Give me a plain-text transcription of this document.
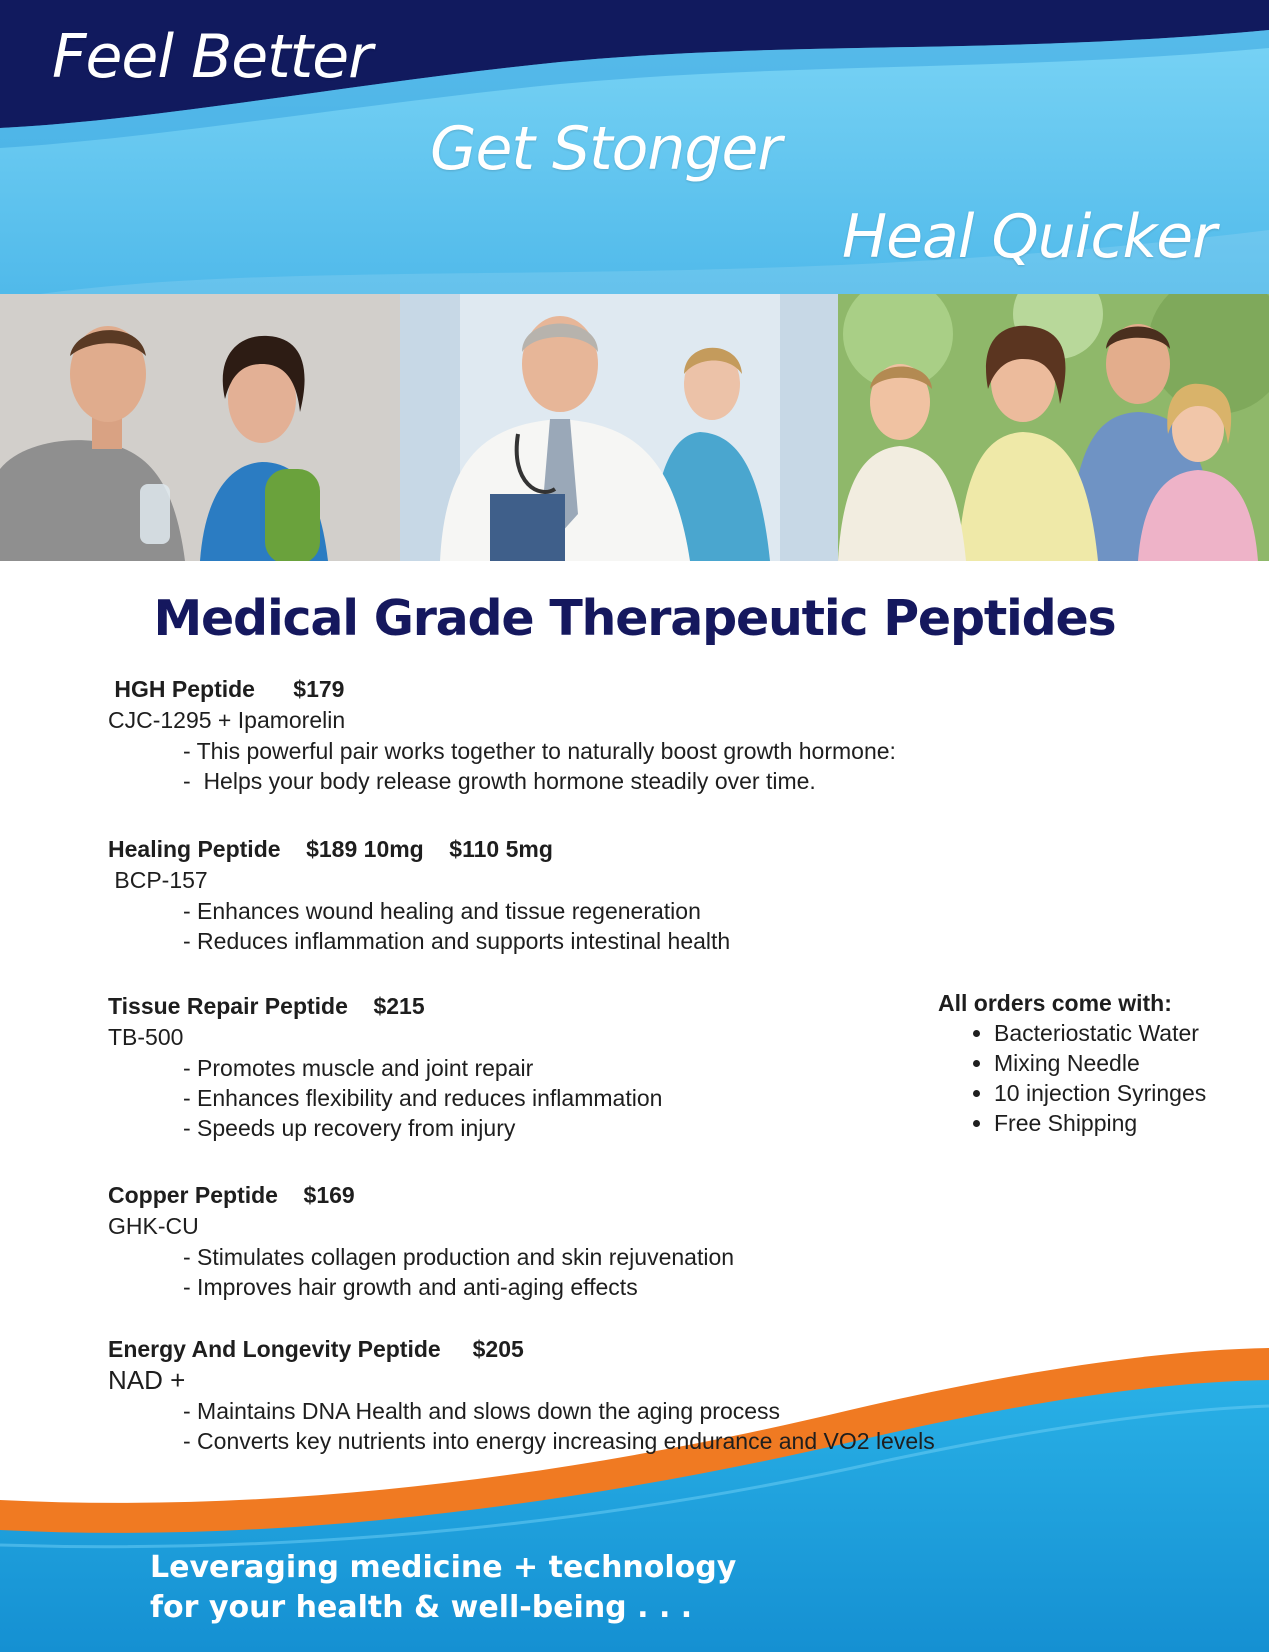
Feel Better

Get Stonger

Heal Quicker

Medical Grade Therapeutic Peptides
HGH Peptide      $179
CJC-1295 + Ipamorelin
- This powerful pair works together to naturally boost growth hormone:
-  Helps your body release growth hormone steadily over time.
Healing Peptide    $189 10mg    $110 5mg
BCP-157
- Enhances wound healing and tissue regeneration
- Reduces inflammation and supports intestinal health
Tissue Repair Peptide    $215
TB-500
- Promotes muscle and joint repair
- Enhances flexibility and reduces inflammation
- Speeds up recovery from injury
Copper Peptide    $169
GHK-CU
- Stimulates collagen production and skin rejuvenation
- Improves hair growth and anti-aging effects

All orders come with:

• Bacteriostatic Water
• Mixing Needle
• 10 injection Syringes
• Free Shipping

Leveraging medicine + technology

for your health & well-being . . .

Energy And Longevity Peptide     $205
NAD +
- Maintains DNA Health and slows down the aging process
- Converts key nutrients into energy increasing endurance and VO2 levels
